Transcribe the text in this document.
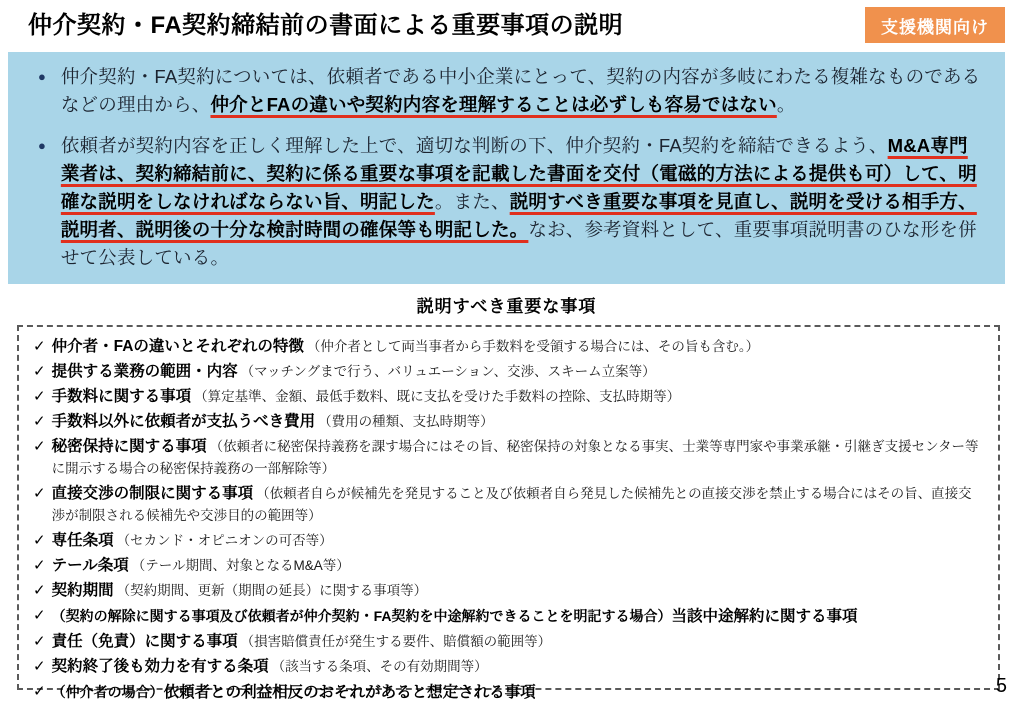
仲介契約・FA契約締結前の書面による重要事項の説明	支援機関向け
● 仲介契約・FA契約については、依頼者である中小企業にとって、契約の内容が多岐にわたる複雑なものであるなどの理由から、仲介とFAの違いや契約内容を理解することは必ずしも容易ではない。
● 依頼者が契約内容を正しく理解した上で、適切な判断の下、仲介契約・FA契約を締結できるよう、M&A専門業者は、契約締結前に、契約に係る重要な事項を記載した書面を交付（電磁的方法による提供も可）して、明確な説明をしなければならない旨、明記した。また、説明すべき重要な事項を見直し、説明を受ける相手方、説明者、説明後の十分な検討時間の確保等も明記した。なお、参考資料として、重要事項説明書のひな形を併せて公表している。
説明すべき重要な事項
✓ 仲介者・FAの違いとそれぞれの特徴 （仲介者として両当事者から手数料を受領する場合には、その旨も含む。）
✓ 提供する業務の範囲・内容 （マッチングまで行う、バリュエーション、交渉、スキーム立案等）
✓ 手数料に関する事項 （算定基準、金額、最低手数料、既に支払を受けた手数料の控除、支払時期等）
✓ 手数料以外に依頼者が支払うべき費用 （費用の種類、支払時期等）
✓ 秘密保持に関する事項 （依頼者に秘密保持義務を課す場合にはその旨、秘密保持の対象となる事実、士業等専門家や事業承継・引継ぎ支援センター等に開示する場合の秘密保持義務の一部解除等）
✓ 直接交渉の制限に関する事項 （依頼者自らが候補先を発見すること及び依頼者自ら発見した候補先との直接交渉を禁止する場合にはその旨、直接交渉が制限される候補先や交渉目的の範囲等）
✓ 専任条項 （セカンド・オピニオンの可否等）
✓ テール条項 （テール期間、対象となるM&A等）
✓ 契約期間 （契約期間、更新（期間の延長）に関する事項等）
✓ （契約の解除に関する事項及び依頼者が仲介契約・FA契約を中途解約できることを明記する場合）当該中途解約に関する事項
✓ 責任（免責）に関する事項 （損害賠償責任が発生する要件、賠償額の範囲等）
✓ 契約終了後も効力を有する条項 （該当する条項、その有効期間等）
✓ （仲介者の場合）依頼者との利益相反のおそれがあると想定される事項	5
